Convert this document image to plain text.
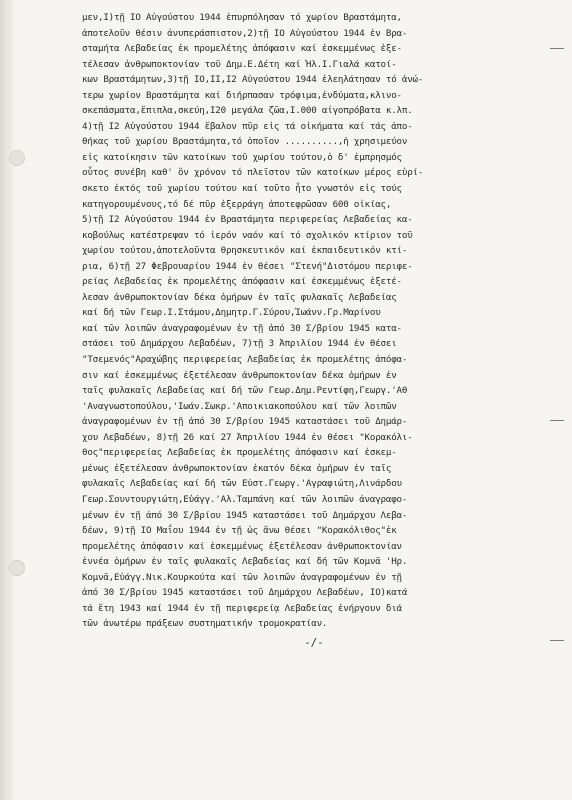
μεν,Ι)τῇ ΙΟ Αὐγούστου 1944 ἐπυρπόλησαν τό χωρίον Βραστάμητα,
ἀποτελοῦν θέσιν ἀνυπεράσπιστον,2)τῇ ΙΟ Αὐγούστου 1944 ἐν Βρα-
σταμήτα Λεβαδείας ἐκ προμελέτης ἀπόφασιν καί ἐσκεμμένως ἐξε-
τέλεσαν ἀνθρωποκτονίαν τοῦ Δημ.Ε.Δέτη καί Ἠλ.Ι.Γιαλά κατοί-
κων Βραστάμητων,3)τῇ ΙΟ,ΙΙ,Ι2 Αὐγούστου 1944 ἐλεηλάτησαν τό ἀνώ-
τερω χωρίον Βραστάμητα καί διήρπασαν τρόφιμα,ἐνδύματα,κλινο-
σκεπάσματα,ἔπιπλα,σκεύη,Ι20 μεγάλα ζῶα,Ι.000 αἰγοπρόβατα κ.λπ.
4)τῇ Ι2 Αὐγούστου 1944 ἔβαλον πῦρ εἰς τά οἰκήματα καί τάς ἀπο-
θήκας τοῦ χωρίου Βραστάμητα,τό ὁποῖον ..........,ἡ χρησιμεύον
εἰς κατοίκησιν τῶν κατοίκων τοῦ χωρίου τούτου,ὁ δ' ἐμπρησμός
οὗτος συνέβη καθ' ὅν χρόνον τό πλεῖστον τῶν κατοίκων μέρος εὑρί-
σκετο ἐκτός τοῦ χωρίου τούτου καί τοῦτο ἦτο γνωστόν εἰς τούς
κατηγορουμένους,τό δέ πῦρ ἐξερράγη ἀποτεφρῶσαν 600 οἰκίας,
5)τῇ Ι2 Αὐγούστου 1944 ἐν Βραστάμητα περιφερείας Λεβαδείας κα-
κοβούλως κατέστρεψαν τό ἱερόν ναόν καί τό σχολικόν κτίριον τοῦ
χωρίου τούτου,ἀποτελοῦντα θρησκευτικόν καί ἐκπαιδευτικόν κτί-
ρια, 6)τῇ 27 Φεβρουαρίου 1944 ἐν θέσει "Στενή"Διστόμου περιφε-
ρείας Λεβαδείας ἐκ προμελέτης ἀπόφασιν καί ἐσκεμμένως ἐξετέ-
λεσαν ἀνθρωποκτονίαν δέκα ὁμήρων ἐν ταῖς φυλακαῖς Λεβαδείας
καί δή τῶν Γεωρ.Ι.Στάμου,Δημητρ.Γ.Σύρου,Ἰωάνν.Γρ.Μαρίνου
καί τῶν λοιπῶν ἀναγραφομένων ἐν τῇ ἀπό 30 Σ/βρίου 1945 κατα-
στάσει τοῦ Δημάρχου Λεβαδέων, 7)τῇ 3 Ἀπριλίου 1944 ἐν θέσει
"Τσεμενός"Αραχώβης περιφερείας Λεβαδείας ἐκ προμελέτης ἀπόφα-
σιν καί ἐσκεμμένως ἐξετέλεσαν ἀνθρωποκτονίαν δέκα ὁμήρων ἐν
ταῖς φυλακαῖς Λεβαδείας καί δή τῶν Γεωρ.Δημ.Ρεντίφη,Γεωργ.'Αθ
'Αναγνωστοπούλου,'Ιωάν.Σωκρ.'Αποικιακοπούλου καί τῶν λοιπῶν
ἀναγραφομένων ἐν τῇ ἀπό 30 Σ/βρίου 1945 καταστάσει τοῦ Δημάρ-
χου Λεβαδέων, 8)τῇ 26 καί 27 Ἀπριλίου 1944 ἐν θέσει "Κορακόλι-
θος"περιφερείας Λεβαδείας ἐκ προμελέτης ἀπόφασιν καί ἐσκεμ-
μένως ἐξετέλεσαν ἀνθρωποκτονίαν ἑκατόν δέκα ὁμήρων ἐν ταῖς
φυλακαῖς Λεβαδείας καί δή τῶν Εὐστ.Γεωργ.'Αγραφιώτη,Λινάρδου
Γεωρ.Σουντουργιώτη,Εὐάγγ.'Αλ.Ταμπάνη καί τῶν λοιπῶν ἀναγραφο-
μένων ἐν τῇ ἀπό 30 Σ/βρίου 1945 καταστάσει τοῦ Δημάρχου Λεβα-
δέων, 9)τῇ ΙΟ Μαΐου 1944 ἐν τῇ ὡς ἄνω θέσει "Κορακόλιθος"ἐκ
προμελέτης ἀπόφασιν καί ἐσκεμμένως ἐξετέλεσαν ἀνθρωποκτονίαν
ἐννέα ὁμήρων ἐν ταῖς φυλακαῖς Λεβαδείας καί δή τῶν Κομνᾶ 'Ηρ.
Κομνᾶ,Εὐάγγ.Νικ.Κουρκούτα καί τῶν λοιπῶν ἀναγραφομένων ἐν τῇ
ἀπό 30 Σ/βρίου 1945 καταστάσει τοῦ Δημάρχου Λεβαδέων, ΙΟ)κατά
τά ἔτη 1943 καί 1944 ἐν τῇ περιφερείᾳ Λεβαδείας ἐνήργουν διά
τῶν ἀνωτέρω πράξεων συστηματικήν τρομοκρατίαν.
-/-
